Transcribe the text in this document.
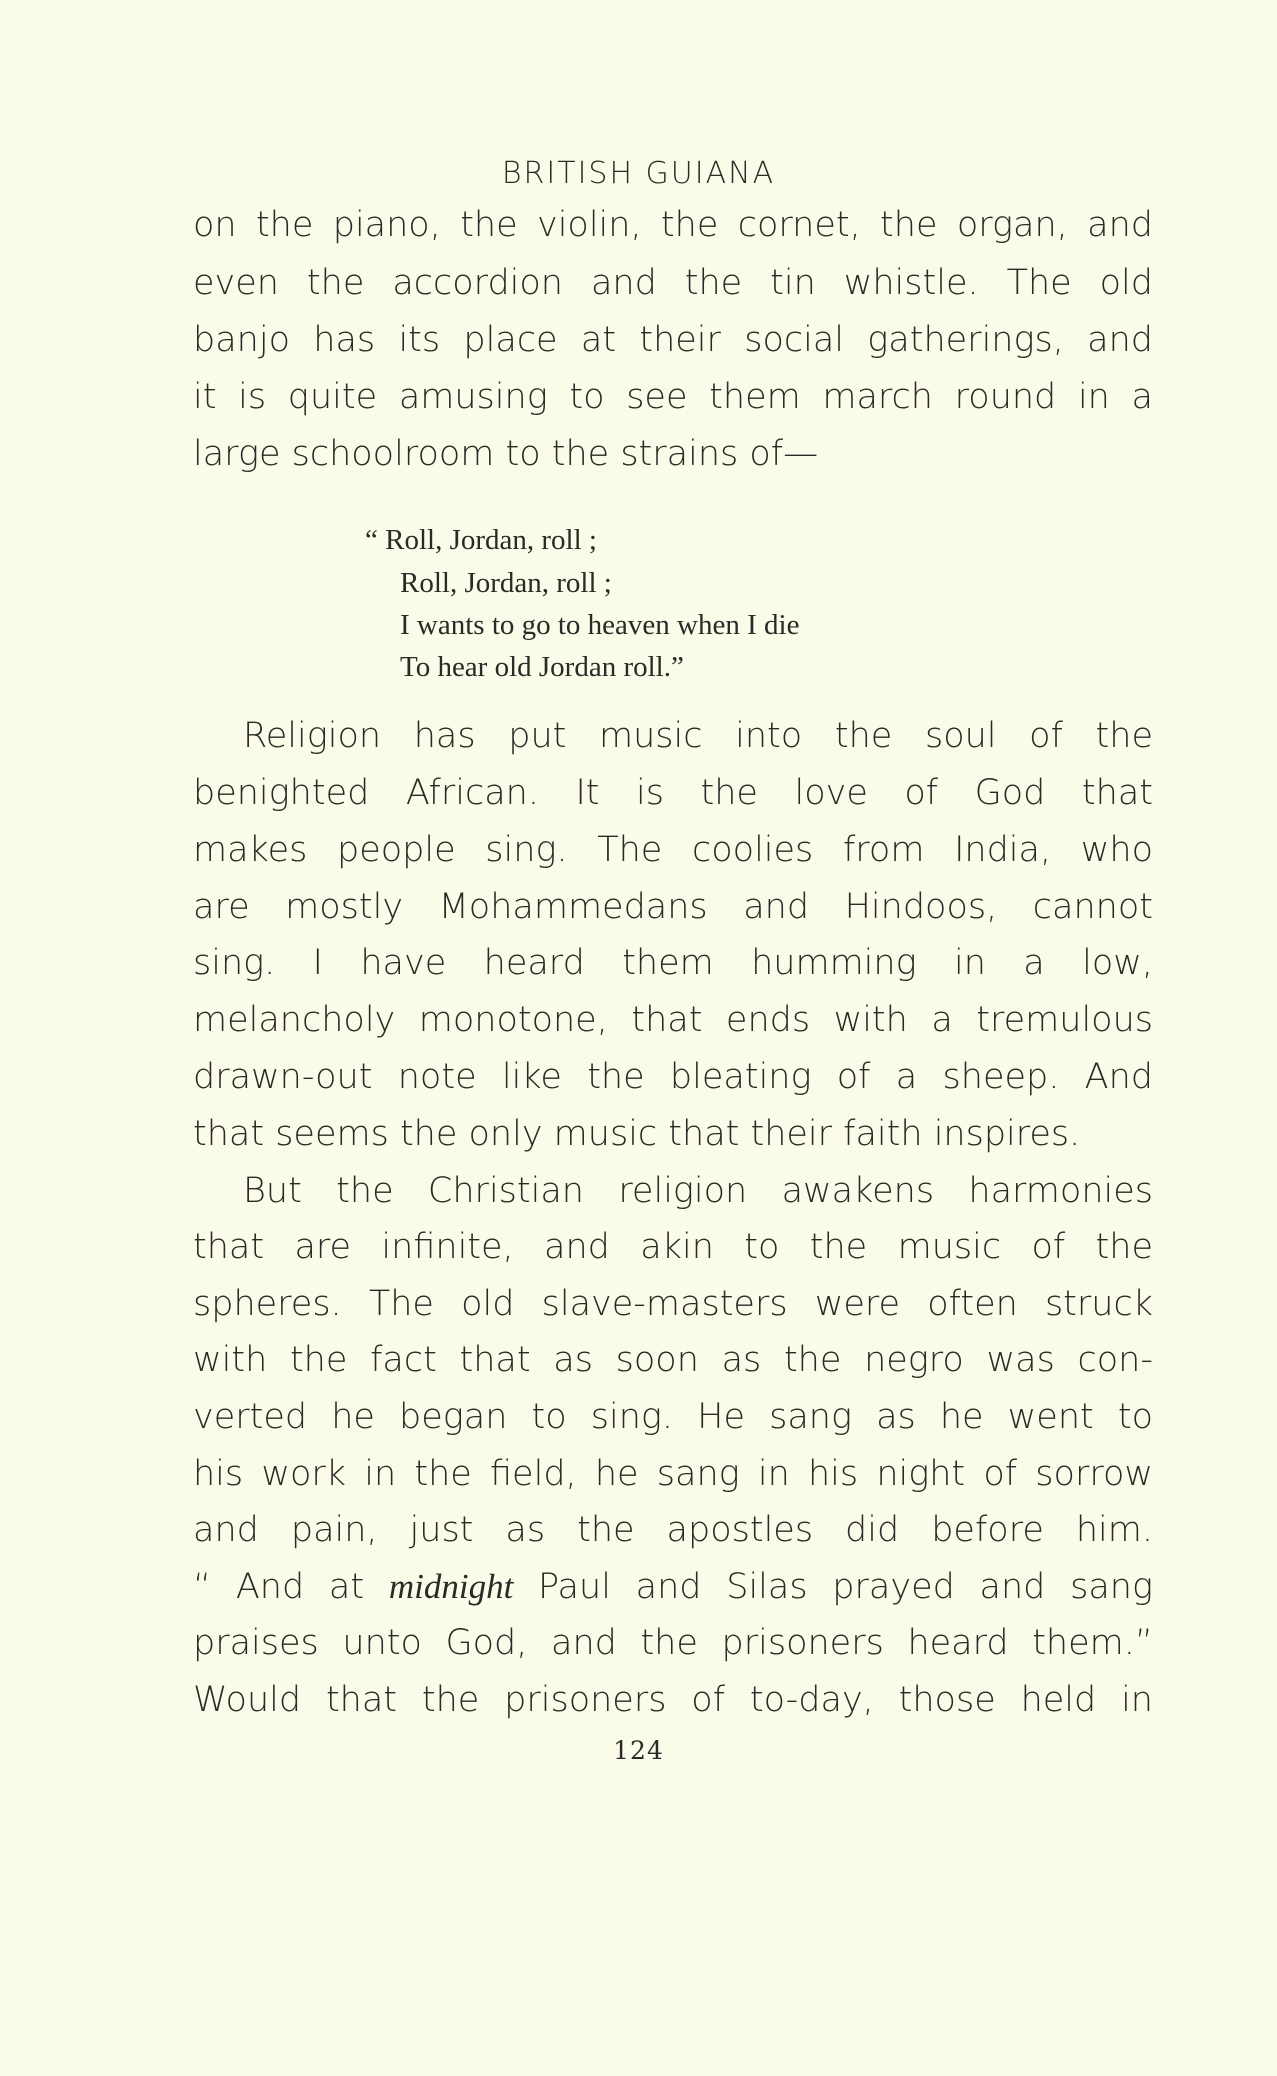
BRITISH GUIANA
on the piano, the violin, the cornet, the organ, and
even the accordion and the tin whistle. The old
banjo has its place at their social gatherings, and
it is quite amusing to see them march round in a
large schoolroom to the strains of—
“ Roll, Jordan, roll ;
Roll, Jordan, roll ;
I wants to go to heaven when I die
To hear old Jordan roll.”
Religion has put music into the soul of the
benighted African. It is the love of God that
makes people sing. The coolies from India, who
are mostly Mohammedans and Hindoos, cannot
sing. I have heard them humming in a low,
melancholy monotone, that ends with a tremulous
drawn-out note like the bleating of a sheep. And
that seems the only music that their faith inspires.
But the Christian religion awakens harmonies
that are infinite, and akin to the music of the
spheres. The old slave-masters were often struck
with the fact that as soon as the negro was con-
verted he began to sing. He sang as he went to
his work in the field, he sang in his night of sorrow
and pain, just as the apostles did before him.
“ And at midnight Paul and Silas prayed and sang
praises unto God, and the prisoners heard them.”
Would that the prisoners of to-day, those held in
124
